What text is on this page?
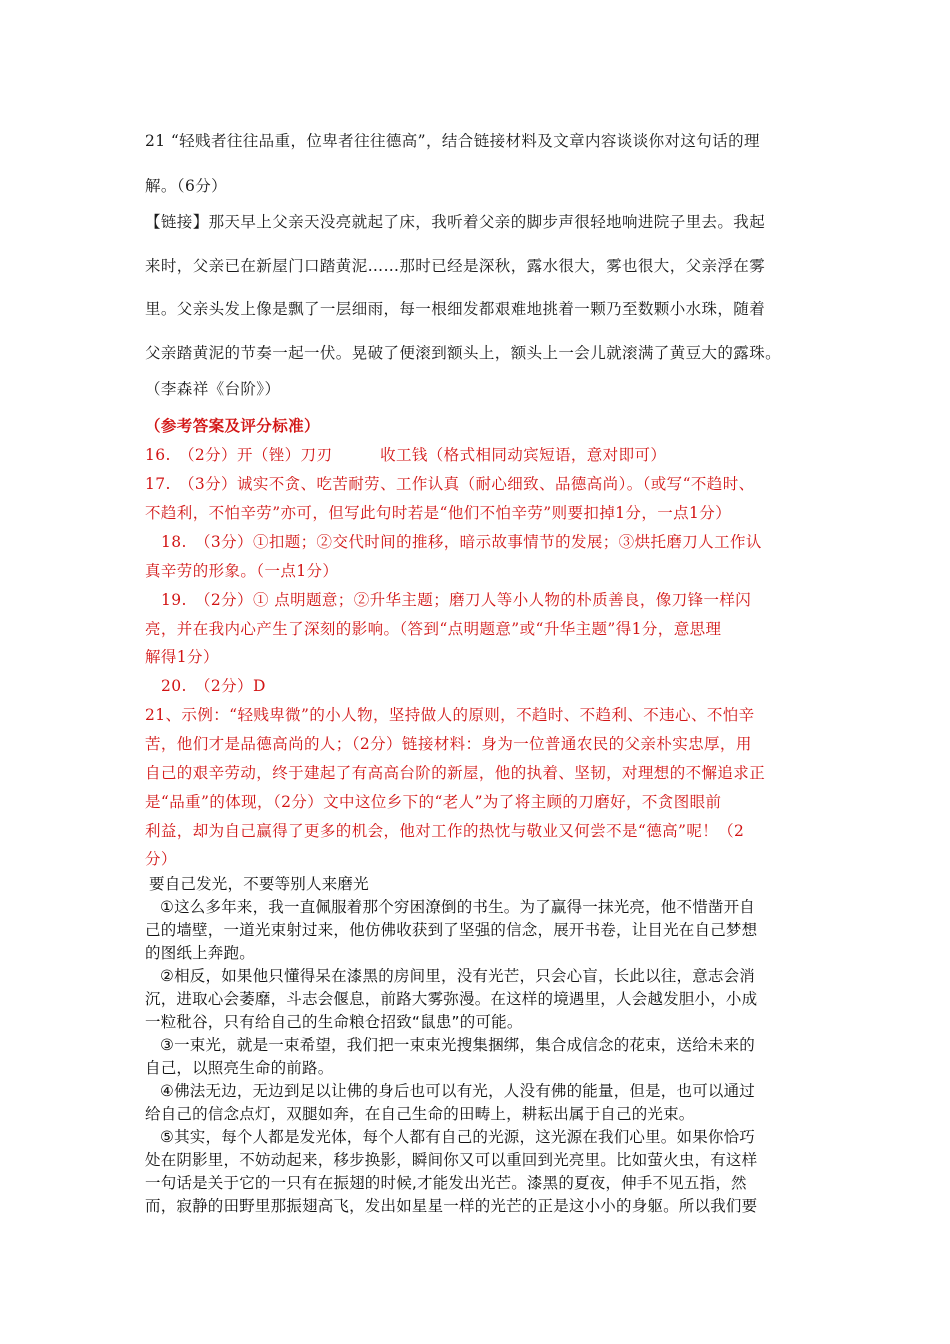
21 “轻贱者往往品重，位卑者往往德高”，结合链接材料及文章内容谈谈你对这句话的理
解。（6分）
【链接】那天早上父亲天没亮就起了床，我听着父亲的脚步声很轻地响进院子里去。我起
来时，父亲已在新屋门口踏黄泥……那时已经是深秋，露水很大，雾也很大，父亲浮在雾
里。父亲头发上像是飘了一层细雨，每一根细发都艰难地挑着一颗乃至数颗小水珠，随着
父亲踏黄泥的节奏一起一伏。晃破了便滚到额头上，额头上一会儿就滚满了黄豆大的露珠。
（李森祥《台阶》）
（参考答案及评分标准）
16.　（2分）开（锉）刀刃　　　收工钱（格式相同动宾短语，意对即可）
17.　（3分）诚实不贪、吃苦耐劳、工作认真（耐心细致、品德高尚）。（或写“不趋时、
不趋利，不怕辛劳”亦可，但写此句时若是“他们不怕辛劳”则要扣掉1分，一点1分）
18.　（3分）①扣题；②交代时间的推移，暗示故事情节的发展；③烘托磨刀人工作认
真辛劳的形象。（一点1分）
19.　（2分）① 点明题意；②升华主题；磨刀人等小人物的朴质善良，像刀锋一样闪
亮，并在我内心产生了深刻的影响。（答到“点明题意”或“升华主题”得1分，意思理
解得1分）
20.　（2分）D
21、示例：“轻贱卑微”的小人物，坚持做人的原则，不趋时、不趋利、不违心、不怕辛
苦，他们才是品德高尚的人；（2分）链接材料：身为一位普通农民的父亲朴实忠厚，用
自己的艰辛劳动，终于建起了有高高台阶的新屋，他的执着、坚韧，对理想的不懈追求正
是“品重”的体现，（2分）文中这位乡下的“老人”为了将主顾的刀磨好，不贪图眼前
利益，却为自己赢得了更多的机会，他对工作的热忱与敬业又何尝不是“德高”呢！（2
分）
要自己发光，不要等别人来磨光
①这么多年来，我一直佩服着那个穷困潦倒的书生。为了赢得一抹光亮，他不惜凿开自
己的墙壁，一道光束射过来，他仿佛收获到了坚强的信念，展开书卷，让目光在自己梦想
的图纸上奔跑。
②相反，如果他只懂得呆在漆黑的房间里，没有光芒，只会心盲，长此以往，意志会消
沉，进取心会萎靡，斗志会偃息，前路大雾弥漫。在这样的境遇里，人会越发胆小，小成
一粒秕谷，只有给自己的生命粮仓招致“鼠患”的可能。
③一束光，就是一束希望，我们把一束束光搜集捆绑，集合成信念的花束，送给未来的
自己，以照亮生命的前路。
④佛法无边，无边到足以让佛的身后也可以有光，人没有佛的能量，但是，也可以通过
给自己的信念点灯，双腿如奔，在自己生命的田畴上，耕耘出属于自己的光束。
⑤其实，每个人都是发光体，每个人都有自己的光源，这光源在我们心里。如果你恰巧
处在阴影里，不妨动起来，移步换影，瞬间你又可以重回到光亮里。比如萤火虫，有这样
一句话是关于它的一只有在振翅的时候,才能发出光芒。漆黑的夏夜，伸手不见五指，然
而，寂静的田野里那振翅高飞，发出如星星一样的光芒的正是这小小的身躯。所以我们要
